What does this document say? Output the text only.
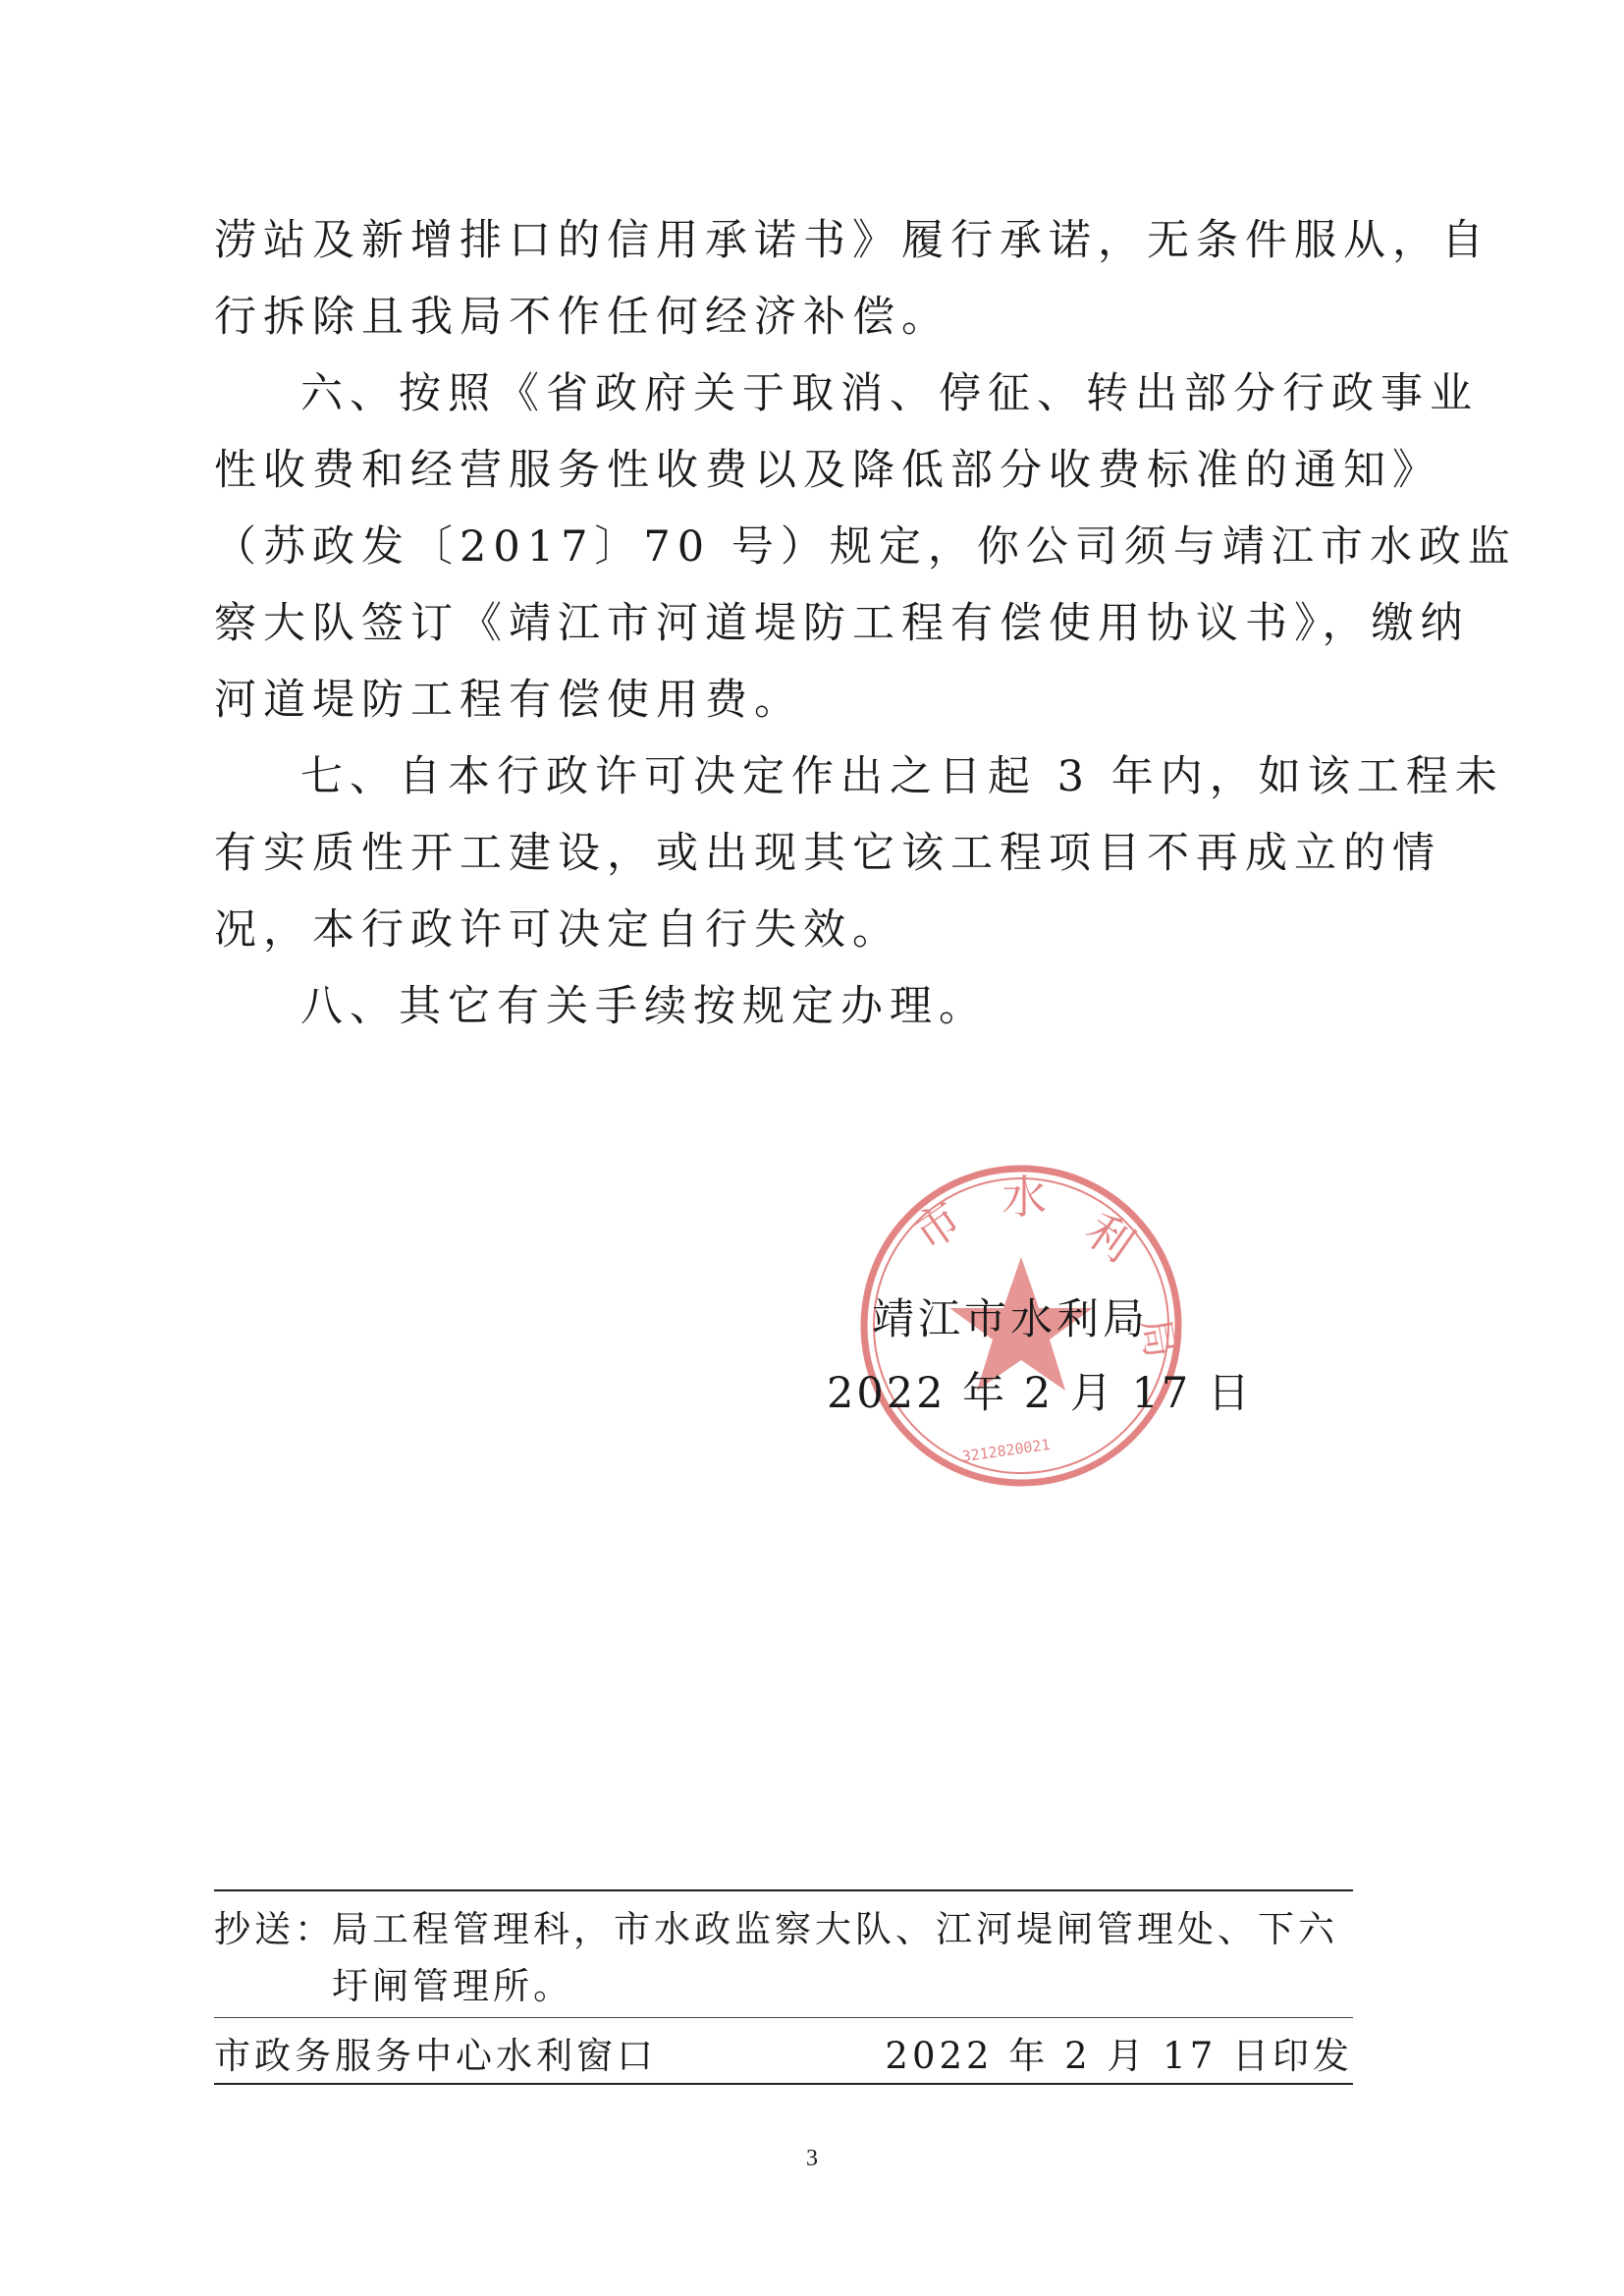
涝站及新增排口的信用承诺书》履行承诺，无条件服从，自
行拆除且我局不作任何经济补偿。

六、按照《省政府关于取消、停征、转出部分行政事业
性收费和经营服务性收费以及降低部分收费标准的通知》
（苏政发〔2017〕70 号）规定，你公司须与靖江市水政监
察大队签订《靖江市河道堤防工程有偿使用协议书》，缴纳
河道堤防工程有偿使用费。

七、自本行政许可决定作出之日起 3 年内，如该工程未
有实质性开工建设，或出现其它该工程项目不再成立的情
况，本行政许可决定自行失效。

八、其它有关手续按规定办理。

市 水
利
局
3212820021
靖江市水利局
2022 年 2 月 17 日
抄送：
局工程管理科，市水政监察大队、江河堤闸管理处、下六
圩闸管理所。
市政务服务中心水利窗口	2022 年 2 月 17 日印发
3
